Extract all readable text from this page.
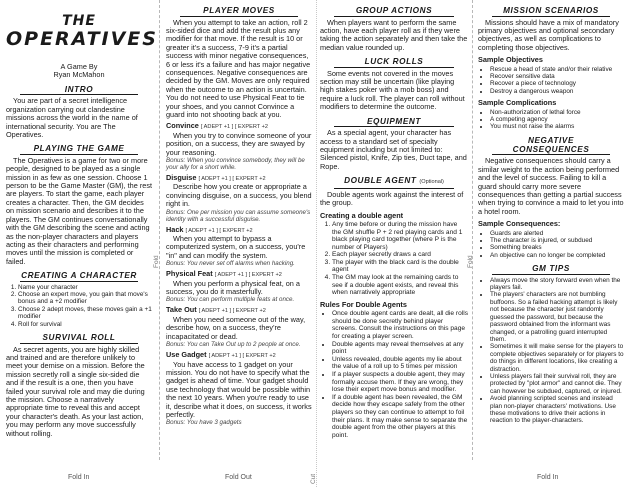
Fold
Cut
Fold
Fold In	Fold Out	Fold In
THE
OPERATIVES
A Game By
Ryan McMahon
INTRO

You are part of a secret intelligence organization carrying out clandestine missions across the world in the name of international security. You are The Operatives.

PLAYING THE GAME

The Operatives is a game for two or more people, designed to be played as a single mission in as few as one session. Choose 1 person to be the Game Master (GM), the rest are players. To start the game, each player creates a character. Then, the GM decides on mission scenario and describes it to the players. The GM continues conversationally with the GM describing the scene and acting as the non-player characters and players acting as their characters and performing moves until the mission is completed or failed.

CREATING A CHARACTER
1. Name your character
2. Choose an expert move, you gain that move's bonus and a +2 modifier
3. Choose 2 adept moves, these moves gain a +1 modifier
4. Roll for survival
SURVIVAL ROLL

As secret agents, you are highly skilled and trained and are therefore unlikely to meet your demise on a mission. Before the mission secretly roll a single six-sided die and if the result is a one, then you have failed your survival role and may die during the mission. Choose a narratively appropriate time to reveal this and accept your character's death. As your last action, you may perform any move successfully without rolling.

PLAYER MOVES

When you attempt to take an action, roll 2 six-sided dice and add the result plus any modifier for that move. If the result is 10 or greater it's a success, 7-9 it's a partial success with minor negative consequences, 6 or less it's a failure and has major negative consequences. Negative consequences are decided by the GM. Moves are only required when the outcome to an action is uncertain. You do not need to use Physical Feat to tie your shoes, and you cannot Convince a guard into not shooting back at you.

Convince [ ADEPT +1 ] [ EXPERT +2

When you try to convince someone of your position, on a success, they are swayed by your reasoning.

Bonus: When you convince somebody, they will be your ally for a short while.
Disguise [ ADEPT +1 ] [ EXPERT +2

Describe how you create or appropriate a convincing disguise, on a success, you blend right in.

Bonus: One per mission you can assume someone's identity with a successful disguise.
Hack [ ADEPT +1 ] [ EXPERT +2

When you attempt to bypass a computerized system, on a success, you're "in" and can modify the system.

Bonus: You never set off alarms when hacking.
Physical Feat [ ADEPT +1 ] [ EXPERT +2

When you perform a physical feat, on a success, you do it masterfully.

Bonus: You can perform multiple feats at once.
Take Out [ ADEPT +1 ] [ EXPERT +2

When you need someone out of the way, describe how, on a success, they're incapacitated or dead.

Bonus: You can Take Out up to 2 people at once.
Use Gadget [ ADEPT +1 ] [ EXPERT +2

You have access to 1 gadget on your mission. You do not have to specify what the gadget is ahead of time. Your gadget should use technology that would be possible within the next 10 years. When you're ready to use it, describe what it does, on success, it works perfectly.

Bonus: You have 3 gadgets
GROUP ACTIONS

When players want to perform the same action, have each player roll as if they were taking the action separately and then take the median value rounded up.

LUCK ROLLS

Some events not covered in the moves section may still be uncertain (like playing high stakes poker with a mob boss) and require a luck roll. The player can roll without modifiers to determine the outcome.

EQUIPMENT

As a special agent, your character has access to a standard set of specialty equipment including but not limited to: Silenced pistol, Knife, Zip ties, Duct tape, and Rope.

DOUBLE AGENT (Optional)

Double agents work against the interest of the group.

Creating a double agent
1. Any time before or during the mission have the GM shuffle P + 2 red playing cards and 1 black playing card together (where P is the number of Players)
2. Each player secretly draws a card
3. The player with the black card is the double agent
4. The GM may look at the remaining cards to see if a double agent exists, and reveal this when narratively appropriate
Rules For Double Agents
• Once double agent cards are dealt, all die rolls should be done secretly behind player screens. Consult the instructions on this page for creating a player screen.
• Double agents may reveal themselves at any point
• Unless revealed, double agents my lie about the value of a roll up to 5 times per mission
• If a player suspects a double agent, they may formally accuse them. If they are wrong, they lose their expert move bonus and modifier.
• If a double agent has been revealed, the GM decide how they escape safely from the other players so they can continue to attempt to foil their plans. It may make sense to separate the double agent from the other players at this point.
MISSION SCENARIOS

Missions should have a mix of mandatory primary objectives and optional secondary objectives, as well as complications to completing those objectives.

Sample Objectives
• Rescue a head of state and/or their relative
• Recover sensitive data
• Recover a piece of technology
• Destroy a dangerous weapon
Sample Complications
• Non-authorization of lethal force
• A competing agency
• You must not raise the alarms
NEGATIVE CONSEQUENCES

Negative consequences should carry a similar weight to the action being performed and the level of success. Failing to kill a guard should carry more severe consequences than getting a partial success when trying to convince a maid to let you into a hotel room.

Sample Consequences:
• Guards are alerted
• The character is injured, or subdued
• Something breaks
• An objective can no longer be completed
GM TIPS
• Always move the story forward even when the players fail.
• The players' characters are not bumbling buffoons. So a failed hacking attempt is likely not because the character just randomly guessed the password, but because the password obtained from the informant was changed, or a patrolling guard interrupted them.
• Sometimes it will make sense for the players to complete objectives separately or for players to do things in different locations, like creating a distraction.
• Unless players fail their survival roll, they are protected by "plot armor" and cannot die. They can however be subdued, captured, or injured.
• Avoid planning scripted scenes and instead plan non-player characters' motivations. Use these motivations to drive their actions in reaction to the player-characters.
